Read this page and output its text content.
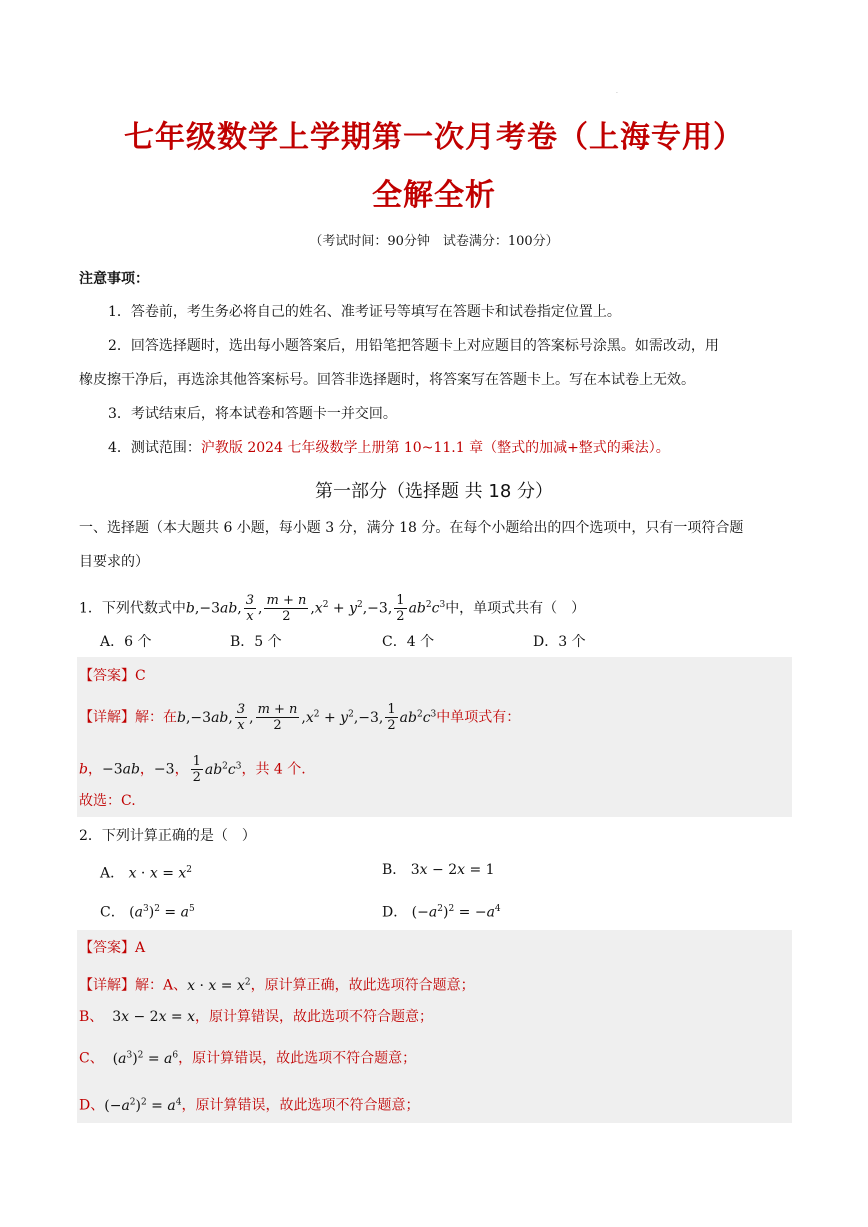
·
七年级数学上学期第一次月考卷（上海专用）
全解全析
（考试时间：90分钟　试卷满分：100分）
注意事项：
1．答卷前，考生务必将自己的姓名、准考证号等填写在答题卡和试卷指定位置上。
2．回答选择题时，选出每小题答案后，用铅笔把答题卡上对应题目的答案标号涂黑。如需改动，用
橡皮擦干净后，再选涂其他答案标号。回答非选择题时，将答案写在答题卡上。写在本试卷上无效。
3．考试结束后，将本试卷和答题卡一并交回。
4．测试范围：沪教版 2024 七年级数学上册第 10~11.1 章（整式的加减+整式的乘法）。
第一部分（选择题 共 18 分）
一、选择题（本大题共 6 小题，每小题 3 分，满分 18 分。在每个小题给出的四个选项中，只有一项符合题
目要求的）
1．下列代数式中b,−3ab, $\frac{3}{x}$ , $\frac{m + n}{2} ,x^2 + y^2,-3$, $\frac{1}{2} ab^2c^3$中，单项式共有（　）
A．6 个	B．5 个	C．4 个	D．3 个
【答案】C
【详解】解：在b,−3ab, $\frac{3}{x}$ , $\frac{m + n}{2} ,x^2 + y^2,-3$, $\frac{1}{2} ab^2c^3$中单项式有：
b，−3ab，−3， $\frac{1}{2} ab^2c^3$，共 4 个.
故选：C.
2．下列计算正确的是（　）
A． $x \cdot x = x^2$	B． 3x − 2x = 1
C． $(a^3)^2 = a^5$	D． $(-a^2)^2 = -a^4$
【答案】A
【详解】解：A、$x \cdot x = x^2$，原计算正确，故此选项符合题意；
B、 3x − 2x = x，原计算错误，故此选项不符合题意；
C、 $(a^3)^2 = a^6$，原计算错误，故此选项不符合题意；
D、$(-a^2)^2 = a^4$，原计算错误，故此选项不符合题意；
